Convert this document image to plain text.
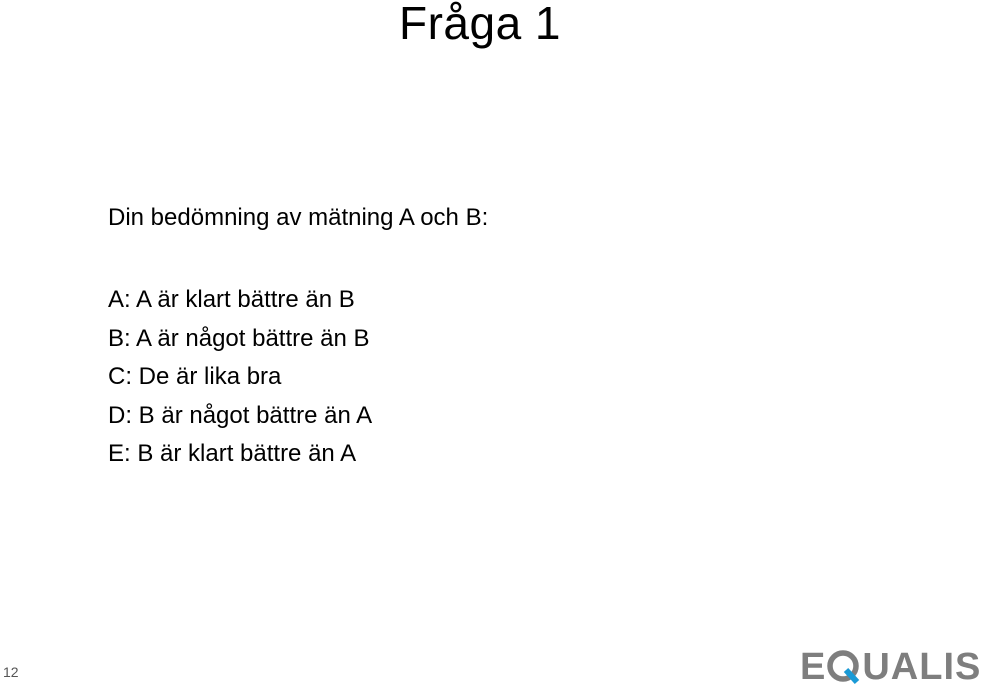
Fråga 1
Din bedömning av mätning A och B:
A: A är klart bättre än B
B: A är något bättre än B
C: De är lika bra
D: B är något bättre än A
E: B är klart bättre än A
12	E UALIS
